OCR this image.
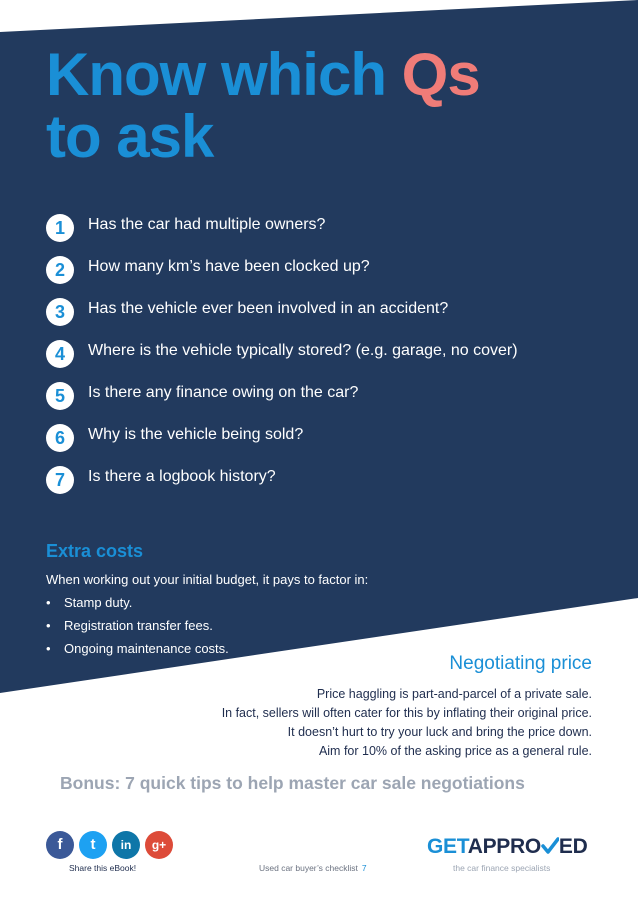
Know which Qs
to ask
1	Has the car had multiple owners?
2	How many km’s have been clocked up?
3	Has the vehicle ever been involved in an accident?
4	Where is the vehicle typically stored? (e.g. garage, no cover)
5	Is there any finance owing on the car?
6	Why is the vehicle being sold?
7	Is there a logbook history?
Extra costs
When working out your initial budget, it pays to factor in:
• Stamp duty.
• Registration transfer fees.
• Ongoing maintenance costs.
Negotiating price
Price haggling is part-and-parcel of a private sale.
In fact, sellers will often cater for this by inflating their original price.
It doesn’t hurt to try your luck and bring the price down.
Aim for 10% of the asking price as a general rule.
Bonus: 7 quick tips to help master car sale negotiations
f	t	in	g+
Share this eBook!	Used car buyer’s checklist 7
GETAPPRO ED
the car finance specialists
